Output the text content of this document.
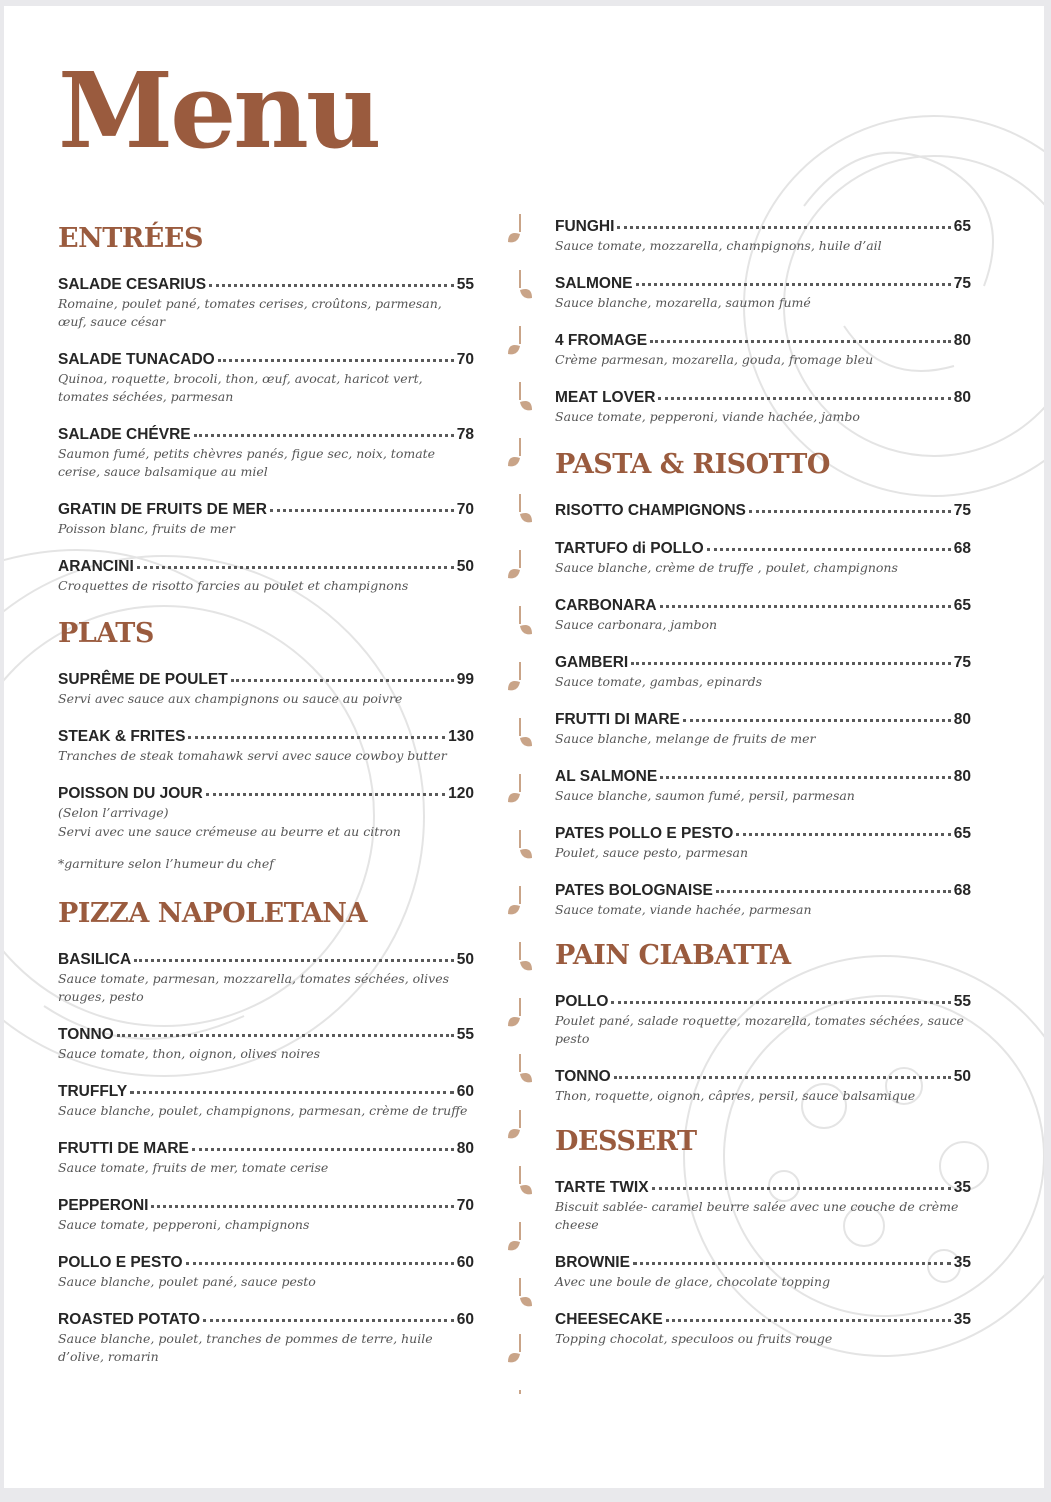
Menu
ENTRÉES
SALADE CESARIUS	55
Romaine, poulet pané, tomates cerises, croûtons, parmesan, œuf, sauce césar
SALADE TUNACADO	70
Quinoa, roquette, brocoli, thon, œuf, avocat, haricot vert, tomates séchées, parmesan
SALADE CHÉVRE	78
Saumon fumé, petits chèvres panés, figue sec, noix, tomate cerise, sauce balsamique au miel
GRATIN DE FRUITS DE MER	70
Poisson blanc, fruits de mer
ARANCINI	50
Croquettes de risotto farcies au poulet et champignons
PLATS
SUPRÊME DE POULET	99
Servi avec sauce aux champignons ou sauce au poivre
STEAK & FRITES	130
Tranches de steak tomahawk servi avec sauce cowboy butter
POISSON DU JOUR	120
(Selon l’arrivage)
Servi avec une sauce crémeuse au beurre et au citron
*garniture selon l’humeur du chef
PIZZA NAPOLETANA
BASILICA	50
Sauce tomate, parmesan, mozzarella, tomates séchées, olives rouges, pesto
TONNO	55
Sauce tomate, thon, oignon, olives noires
TRUFFLY	60
Sauce blanche, poulet, champignons, parmesan, crème de truffe
FRUTTI DE MARE	80
Sauce tomate, fruits de mer, tomate cerise
PEPPERONI	70
Sauce tomate, pepperoni, champignons
POLLO E PESTO	60
Sauce blanche, poulet pané, sauce pesto
ROASTED POTATO	60
Sauce blanche, poulet, tranches de pommes de terre, huile d’olive, romarin
FUNGHI	65
Sauce tomate, mozzarella, champignons, huile d’ail
SALMONE	75
Sauce blanche, mozarella, saumon fumé
4 FROMAGE	80
Crème parmesan, mozarella, gouda, fromage bleu
MEAT LOVER	80
Sauce tomate, pepperoni, viande hachée, jambo
PASTA & RISOTTO
RISOTTO CHAMPIGNONS	75
TARTUFO di POLLO	68
Sauce blanche, crème de truffe , poulet, champignons
CARBONARA	65
Sauce carbonara, jambon
GAMBERI	75
Sauce tomate, gambas, epinards
FRUTTI DI MARE	80
Sauce blanche, melange de fruits de mer
AL SALMONE	80
Sauce blanche, saumon fumé, persil, parmesan
PATES POLLO E PESTO	65
Poulet, sauce pesto, parmesan
PATES BOLOGNAISE	68
Sauce tomate, viande hachée, parmesan
PAIN CIABATTA
POLLO	55
Poulet pané, salade roquette, mozarella, tomates séchées, sauce pesto
TONNO	50
Thon, roquette, oignon, câpres, persil, sauce balsamique
DESSERT
TARTE TWIX	35
Biscuit sablée- caramel beurre salée avec une couche de crème cheese
BROWNIE	35
Avec une boule de glace, chocolate topping
CHEESECAKE	35
Topping chocolat, speculoos ou fruits rouge
